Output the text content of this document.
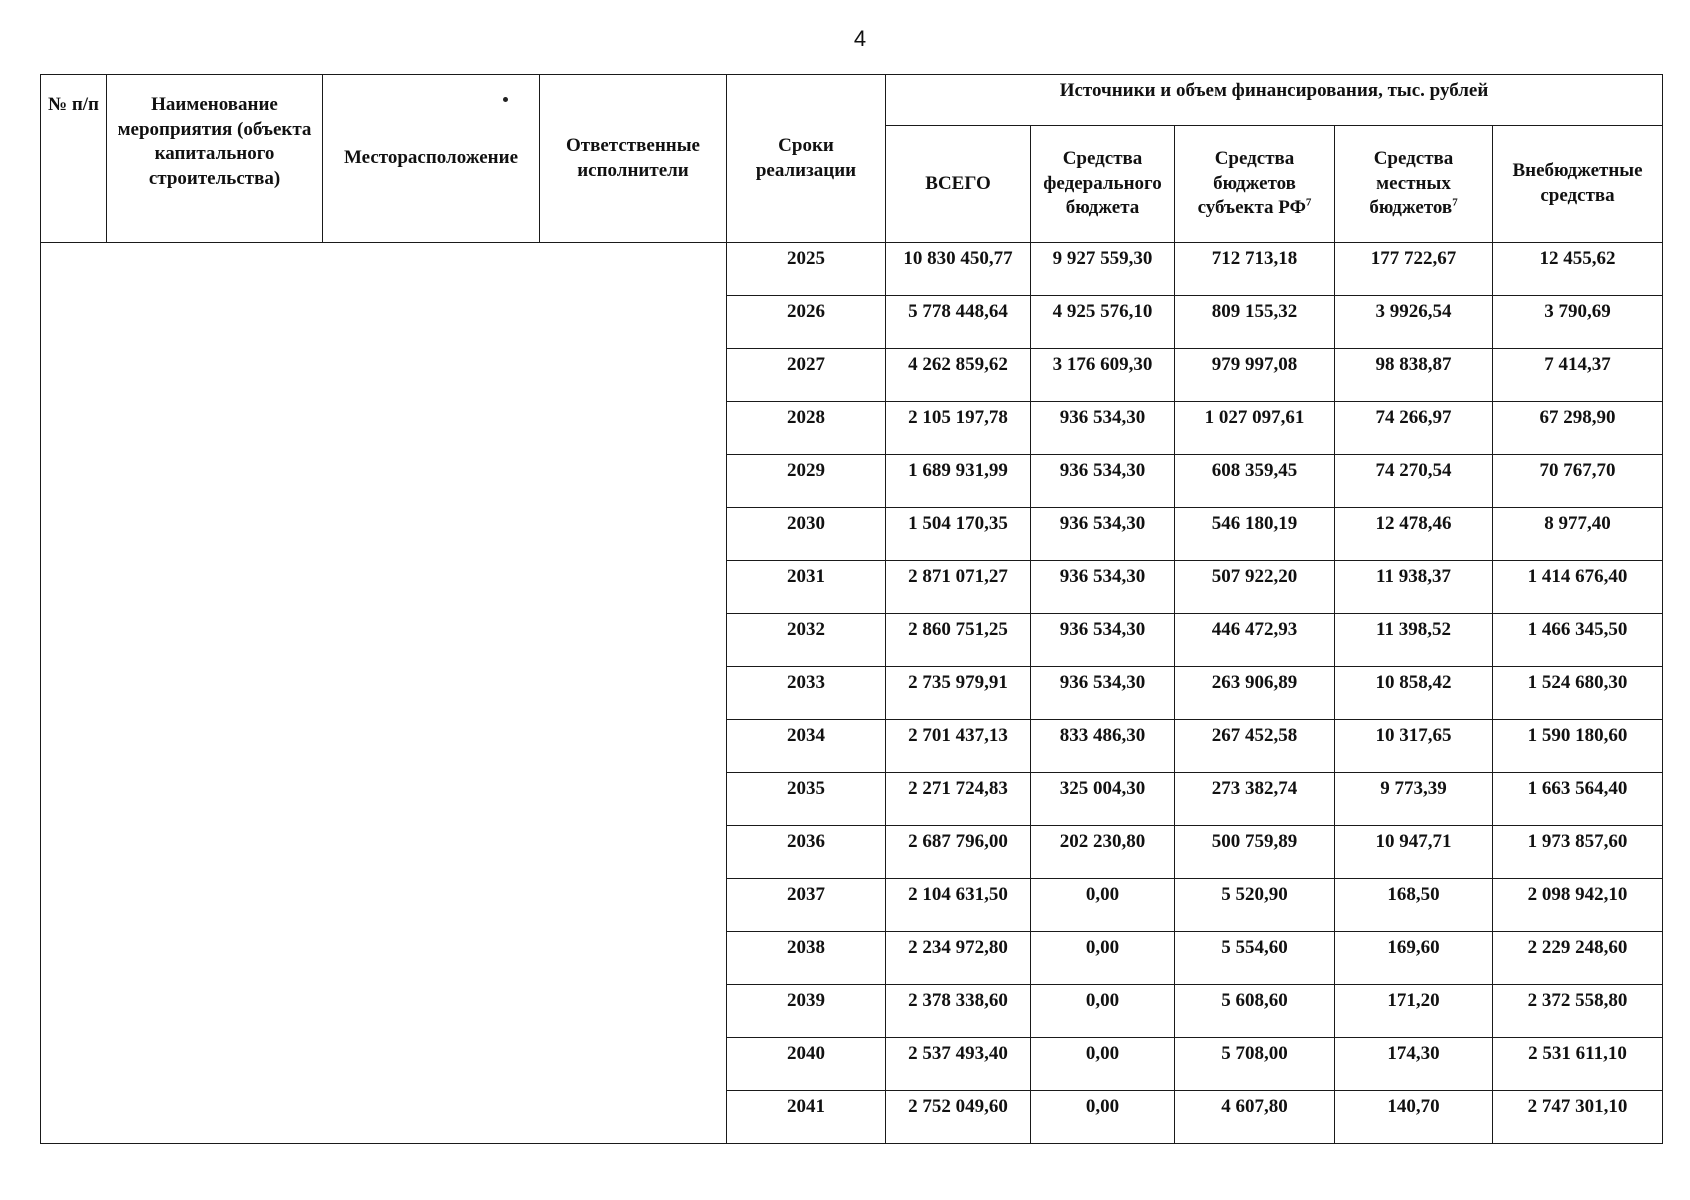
4
№ п/п	Наименование мероприятия (объекта капитального строительства)	Месторасположение	Ответственные исполнители	Сроки реализации	Источники и объем финансирования, тыс. рублей				
					ВСЕГО	Средства федерального бюджета	Средства бюджетов субъекта $РФ^7$	Средства местных бюджетов$^7$	Внебюджетные средства
				2025	10 830 450,77	9 927 559,30	712 713,18	177 722,67	12 455,62
				2026	5 778 448,64	4 925 576,10	809 155,32	3 9926,54	3 790,69
				2027	4 262 859,62	3 176 609,30	979 997,08	98 838,87	7 414,37
				2028	2 105 197,78	936 534,30	1 027 097,61	74 266,97	67 298,90
				2029	1 689 931,99	936 534,30	608 359,45	74 270,54	70 767,70
				2030	1 504 170,35	936 534,30	546 180,19	12 478,46	8 977,40
				2031	2 871 071,27	936 534,30	507 922,20	11 938,37	1 414 676,40
				2032	2 860 751,25	936 534,30	446 472,93	11 398,52	1 466 345,50
				2033	2 735 979,91	936 534,30	263 906,89	10 858,42	1 524 680,30
				2034	2 701 437,13	833 486,30	267 452,58	10 317,65	1 590 180,60
				2035	2 271 724,83	325 004,30	273 382,74	9 773,39	1 663 564,40
				2036	2 687 796,00	202 230,80	500 759,89	10 947,71	1 973 857,60
				2037	2 104 631,50	0,00	5 520,90	168,50	2 098 942,10
				2038	2 234 972,80	0,00	5 554,60	169,60	2 229 248,60
				2039	2 378 338,60	0,00	5 608,60	171,20	2 372 558,80
				2040	2 537 493,40	0,00	5 708,00	174,30	2 531 611,10
				2041	2 752 049,60	0,00	4 607,80	140,70	2 747 301,10
